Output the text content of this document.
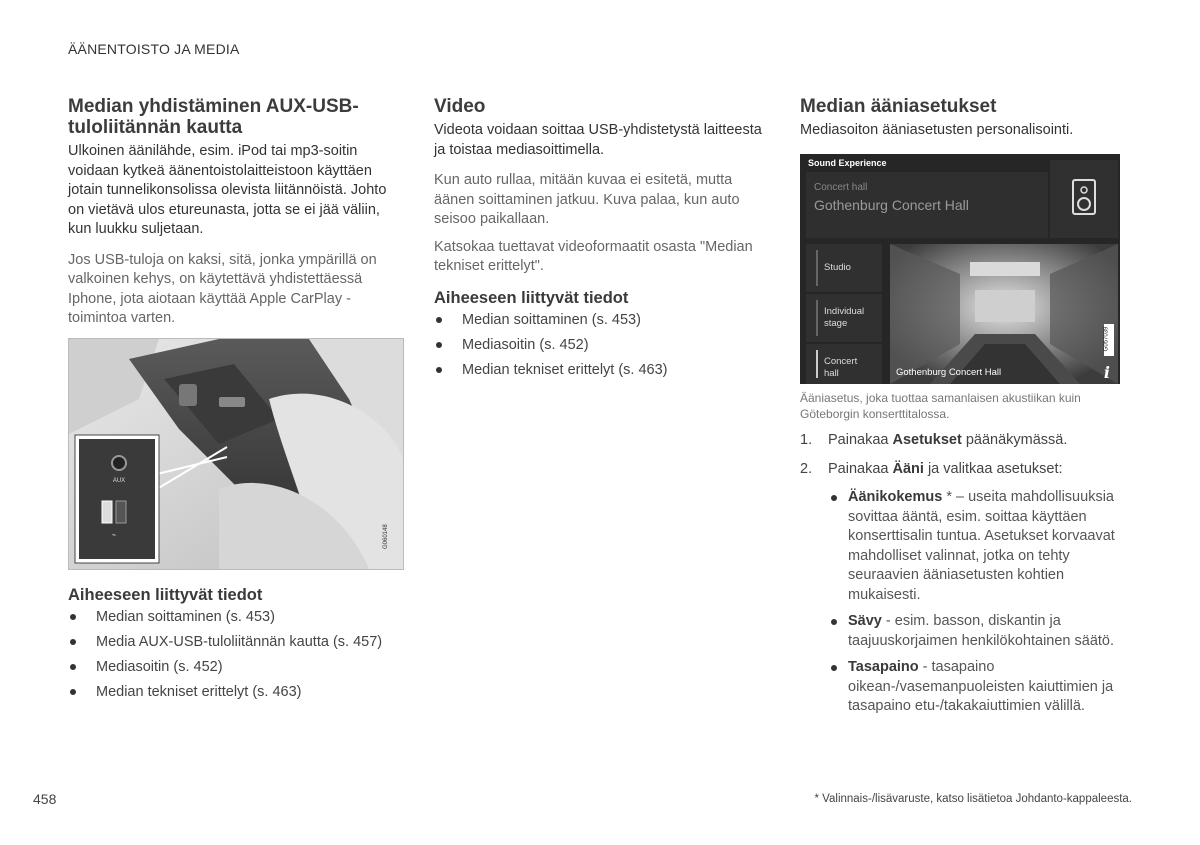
ÄÄNENTOISTO JA MEDIA
Median yhdistäminen AUX-USB-tuloliitännän kautta

Ulkoinen äänilähde, esim. iPod tai mp3-soitin voidaan kytkeä äänentoistolaitteistoon käyttäen jotain tunnelikonsolissa olevista liitännöistä. Johto on vietävä ulos etureunasta, jotta se ei jää väliin, kun luukku suljetaan.

Jos USB-tuloja on kaksi, sitä, jonka ympärillä on valkoinen kehys, on käytettävä yhdistettäessä Iphone, jota aiotaan käyttää Apple CarPlay -toimintoa varten.

AUX
⌁	G060148
Aiheeseen liittyvät tiedot
Median soittaminen (s. 453)
Media AUX-USB-tuloliitännän kautta (s. 457)
Mediasoitin (s. 452)
Median tekniset erittelyt (s. 463)
Video

Videota voidaan soittaa USB-yhdistetystä laitteesta ja toistaa mediasoittimella.

Kun auto rullaa, mitään kuvaa ei esitetä, mutta äänen soittaminen jatkuu. Kuva palaa, kun auto seisoo paikallaan.

Katsokaa tuettavat videoformaatit osasta "Median tekniset erittelyt".

Aiheeseen liittyvät tiedot
Median soittaminen (s. 453)
Mediasoitin (s. 452)
Median tekniset erittelyt (s. 463)
Median ääniasetukset

Mediasoiton ääniasetusten personalisointi.

Sound Experience
Concert hall
Gothenburg Concert Hall
Studio
Individual stage
Concert hall	Gothenburg Concert Hall
G057039
i
Ääniasetus, joka tuottaa samanlaisen akustiikan kuin Göteborgin konserttitalossa.
1. Painakaa Asetukset päänäkymässä.
2. Painakaa Ääni ja valitkaa asetukset:
Äänikokemus * – useita mahdollisuuksia sovittaa ääntä, esim. soittaa käyttäen konserttisalin tuntua. Asetukset korvaavat mahdolliset valinnat, jotka on tehty seuraavien ääniasetusten kohtien mukaisesti.
Sävy - esim. basson, diskantin ja taajuuskorjaimen henkilökohtainen säätö.
Tasapaino - tasapaino oikean-/vasemanpuoleisten kaiuttimien ja tasapaino etu-/takakaiuttimien välillä.
458	* Valinnais-/lisävaruste, katso lisätietoa Johdanto-kappaleesta.
